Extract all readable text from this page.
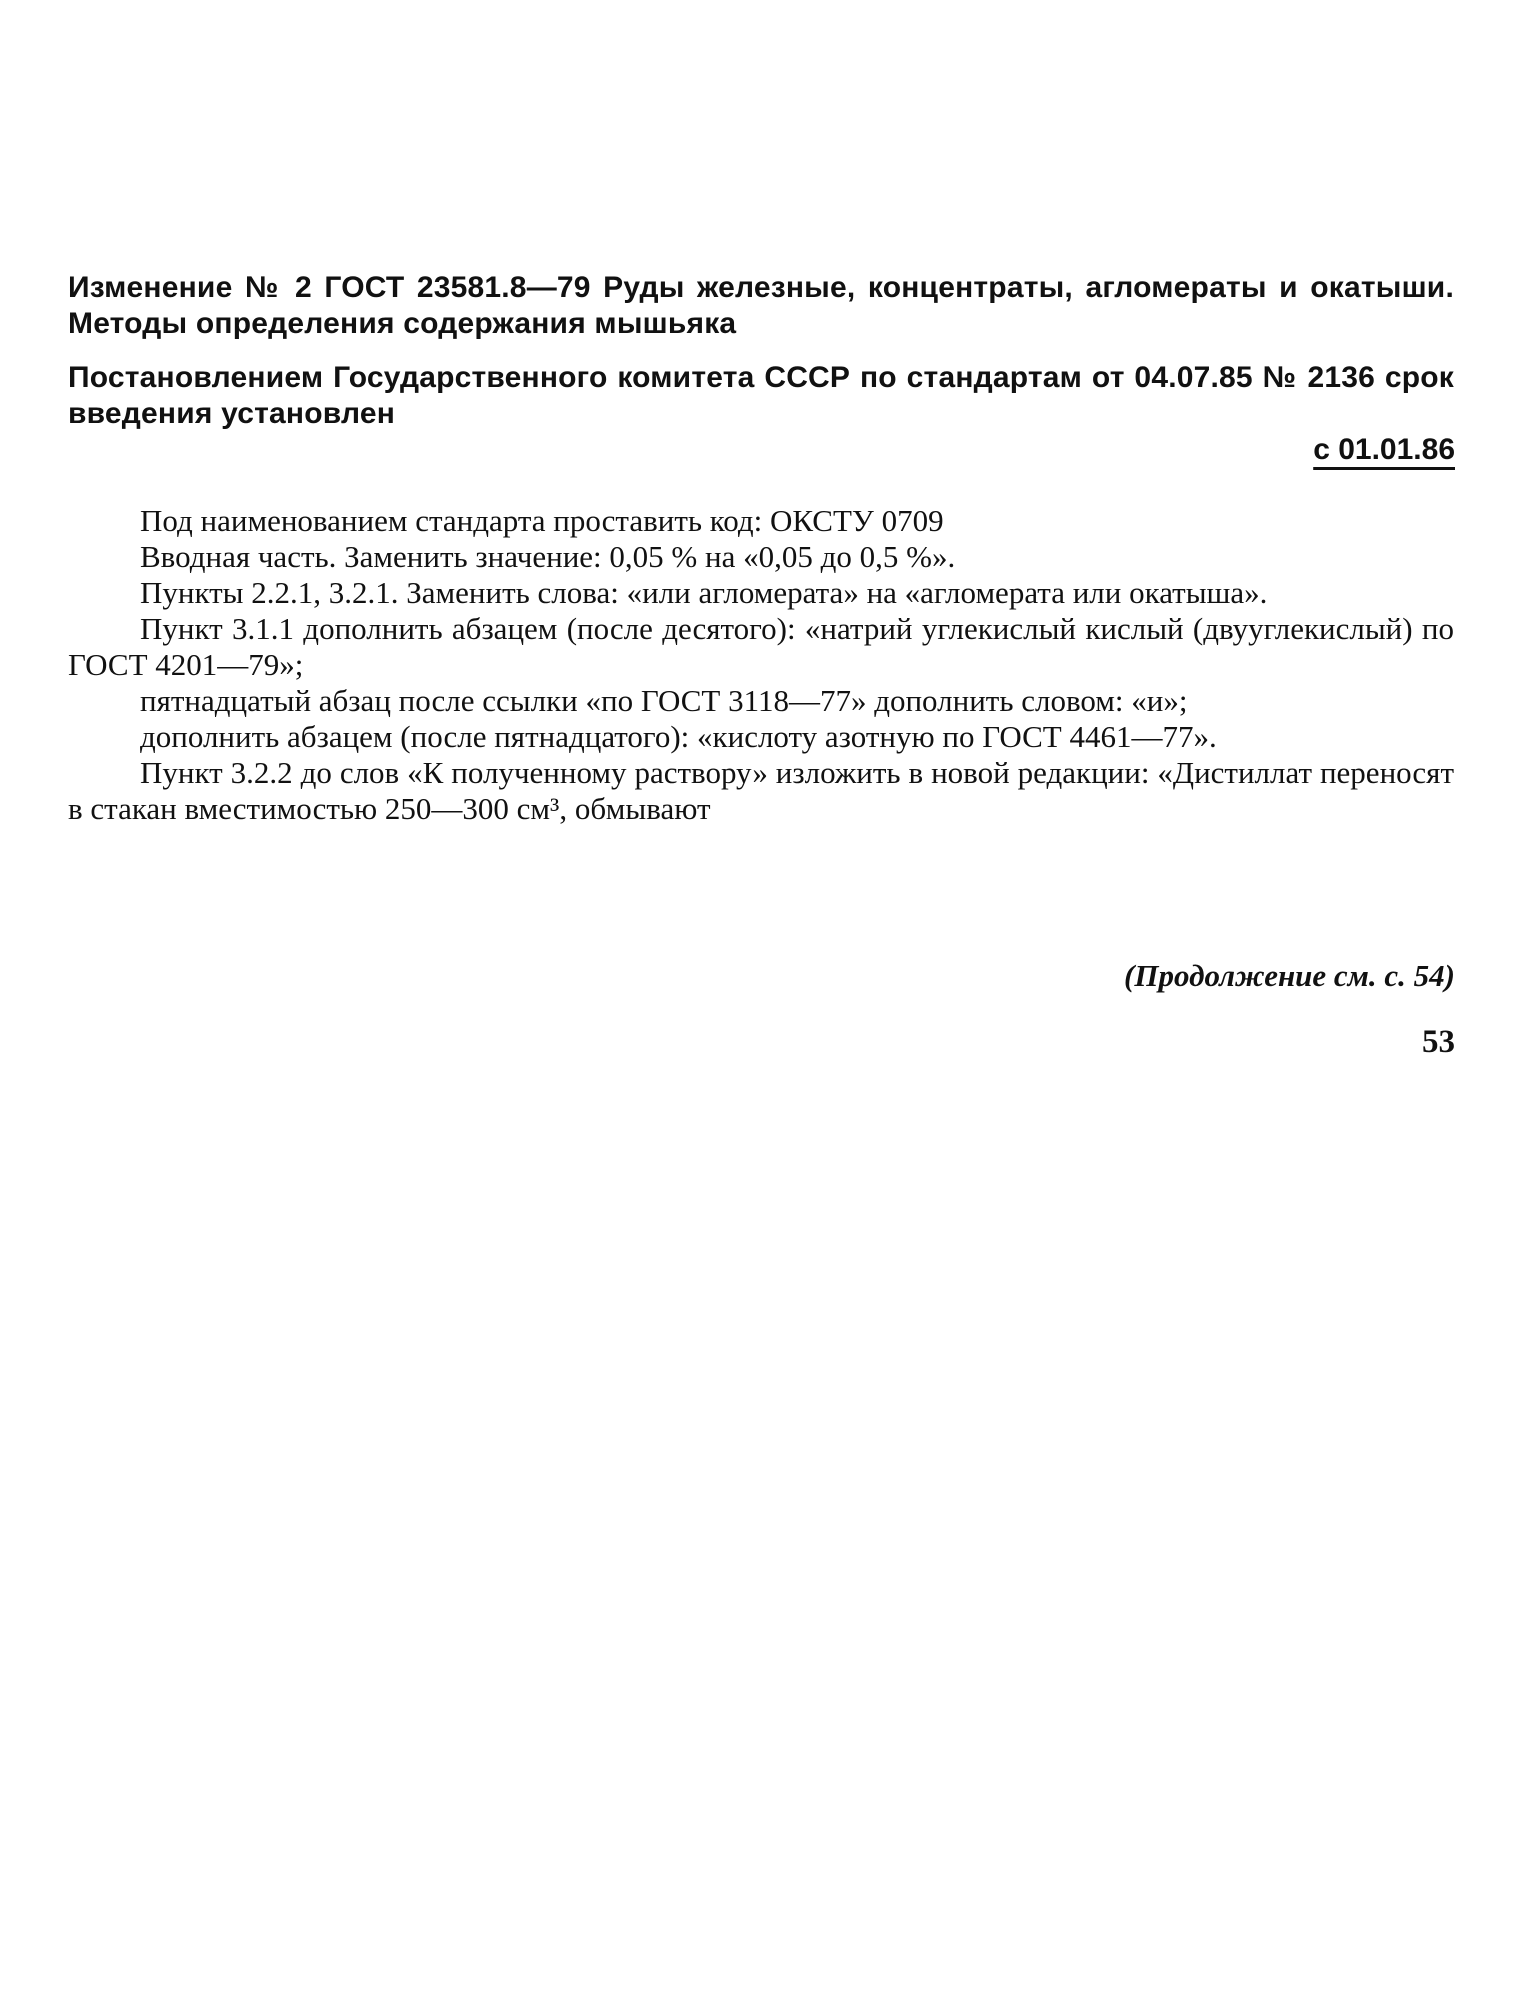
Изменение № 2 ГОСТ 23581.8—79 Руды железные, концентраты, агломераты и окатыши. Методы определения содержания мышьяка
Постановлением Государственного комитета СССР по стандартам от 04.07.85 № 2136 срок введения установлен
с 01.01.86

Под наименованием стандарта проставить код: ОКСТУ 0709

Вводная часть. Заменить значение: 0,05 % на «0,05 до 0,5 %».

Пункты 2.2.1, 3.2.1. Заменить слова: «или агломерата» на «агломерата или окатыша».

Пункт 3.1.1 дополнить абзацем (после десятого): «натрий углекислый кислый (двууглекислый) по ГОСТ 4201—79»;

пятнадцатый абзац после ссылки «по ГОСТ 3118—77» дополнить словом: «и»;

дополнить абзацем (после пятнадцатого): «кислоту азотную по ГОСТ 4461—77».

Пункт 3.2.2 до слов «К полученному раствору» изложить в новой редакции: «Дистиллат переносят в стакан вместимостью 250—300 см³, обмывают

(Продолжение см. с. 54)
53
